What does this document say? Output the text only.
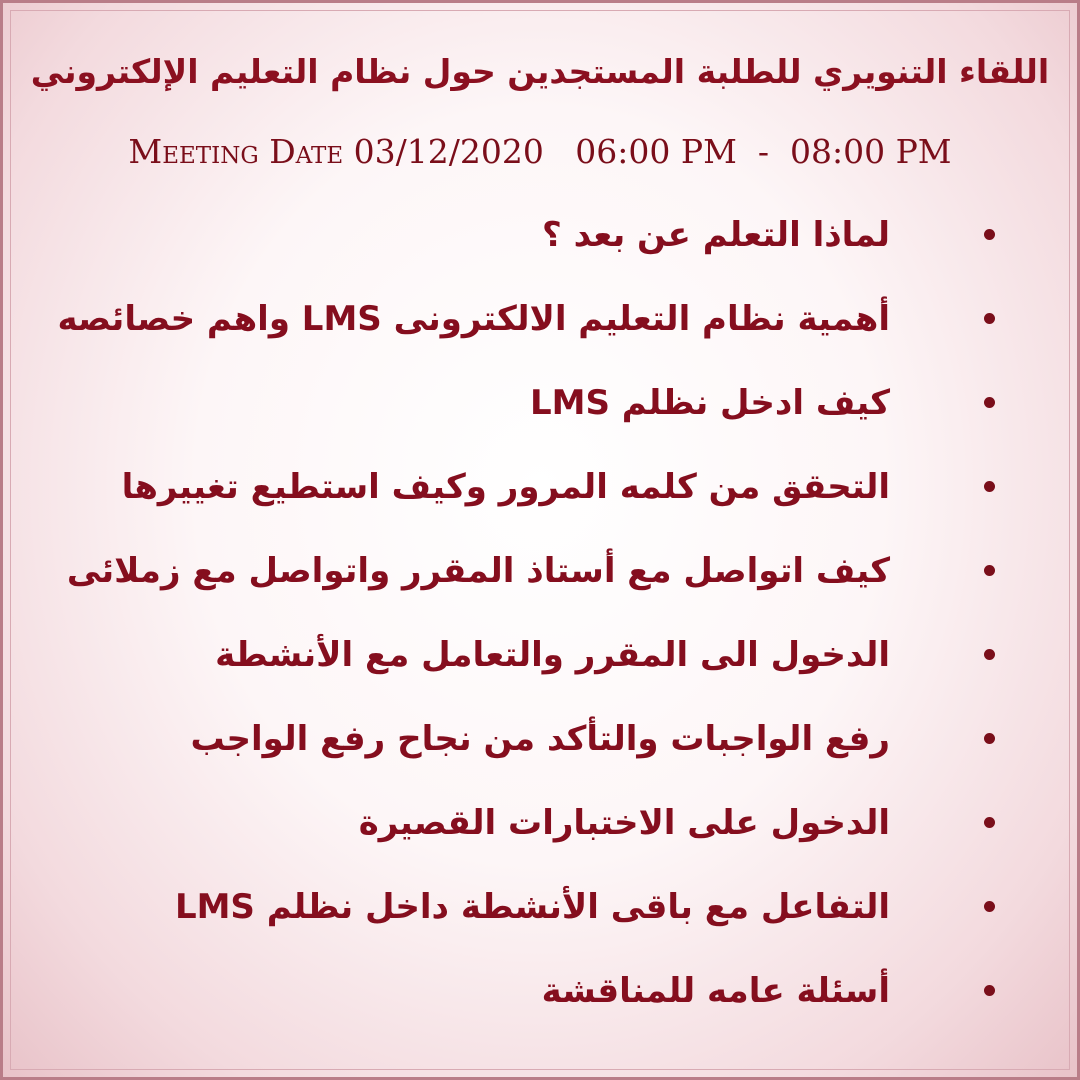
اللقاء التنويري للطلبة المستجدين حول نظام التعليم الإلكتروني
Meeting Date 03/12/2020   06:00 PM  -  08:00 PM
لماذا التعلم عن بعد ؟
أهمية نظام التعليم الالكترونى LMS واهم خصائصه
كيف ادخل نظلم LMS
التحقق من كلمه المرور وكيف استطيع تغييرها
كيف اتواصل مع أستاذ المقرر واتواصل مع زملائى
الدخول الى المقرر والتعامل مع الأنشطة
رفع الواجبات والتأكد من نجاح رفع الواجب
الدخول على الاختبارات القصيرة
التفاعل مع باقى الأنشطة داخل نظلم LMS
أسئلة عامه للمناقشة
